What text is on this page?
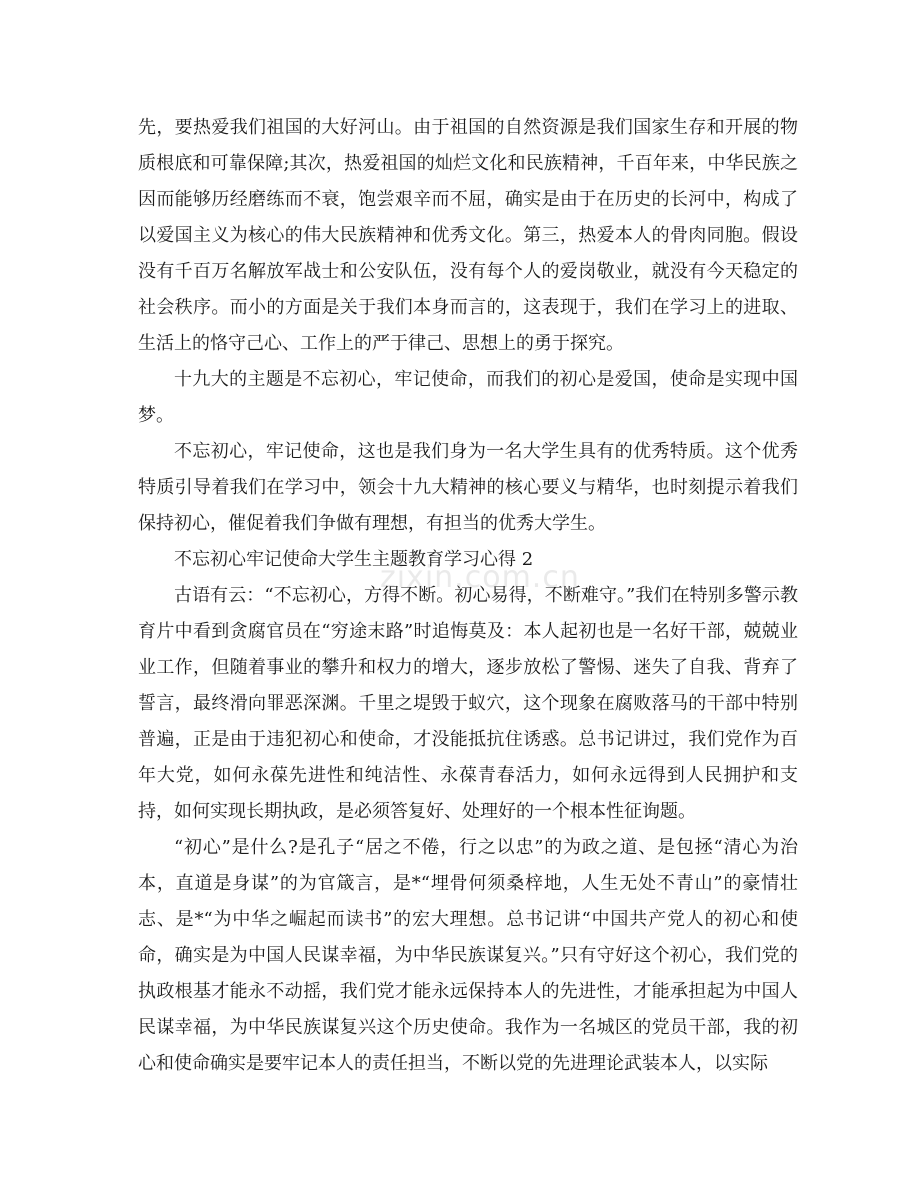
zixin.com.cn

先，要热爱我们祖国的大好河山。由于祖国的自然资源是我们国家生存和开展的物质根底和可靠保障;其次，热爱祖国的灿烂文化和民族精神，千百年来，中华民族之因而能够历经磨练而不衰，饱尝艰辛而不屈，确实是由于在历史的长河中，构成了以爱国主义为核心的伟大民族精神和优秀文化。第三，热爱本人的骨肉同胞。假设没有千百万名解放军战士和公安队伍，没有每个人的爱岗敬业，就没有今天稳定的社会秩序。而小的方面是关于我们本身而言的，这表现于，我们在学习上的进取、生活上的恪守己心、工作上的严于律己、思想上的勇于探究。

十九大的主题是不忘初心，牢记使命，而我们的初心是爱国，使命是实现中国梦。

不忘初心，牢记使命，这也是我们身为一名大学生具有的优秀特质。这个优秀特质引导着我们在学习中，领会十九大精神的核心要义与精华，也时刻提示着我们保持初心，催促着我们争做有理想，有担当的优秀大学生。

不忘初心牢记使命大学生主题教育学习心得 2

古语有云：“不忘初心，方得不断。初心易得，不断难守。”我们在特别多警示教育片中看到贪腐官员在“穷途末路”时追悔莫及：本人起初也是一名好干部，兢兢业业工作，但随着事业的攀升和权力的增大，逐步放松了警惕、迷失了自我、背弃了誓言，最终滑向罪恶深渊。千里之堤毁于蚁穴，这个现象在腐败落马的干部中特别普遍，正是由于违犯初心和使命，才没能抵抗住诱惑。总书记讲过，我们党作为百年大党，如何永葆先进性和纯洁性、永葆青春活力，如何永远得到人民拥护和支持，如何实现长期执政，是必须答复好、处理好的一个根本性征询题。

“初心”是什么?是孔子“居之不倦，行之以忠”的为政之道、是包拯“清心为治本，直道是身谋”的为官箴言，是*“埋骨何须桑梓地，人生无处不青山”的豪情壮志、是*“为中华之崛起而读书”的宏大理想。总书记讲“中国共产党人的初心和使命，确实是为中国人民谋幸福，为中华民族谋复兴。”只有守好这个初心，我们党的执政根基才能永不动摇，我们党才能永远保持本人的先进性，才能承担起为中国人民谋幸福，为中华民族谋复兴这个历史使命。我作为一名城区的党员干部，我的初心和使命确实是要牢记本人的责任担当，不断以党的先进理论武装本人，以实际
